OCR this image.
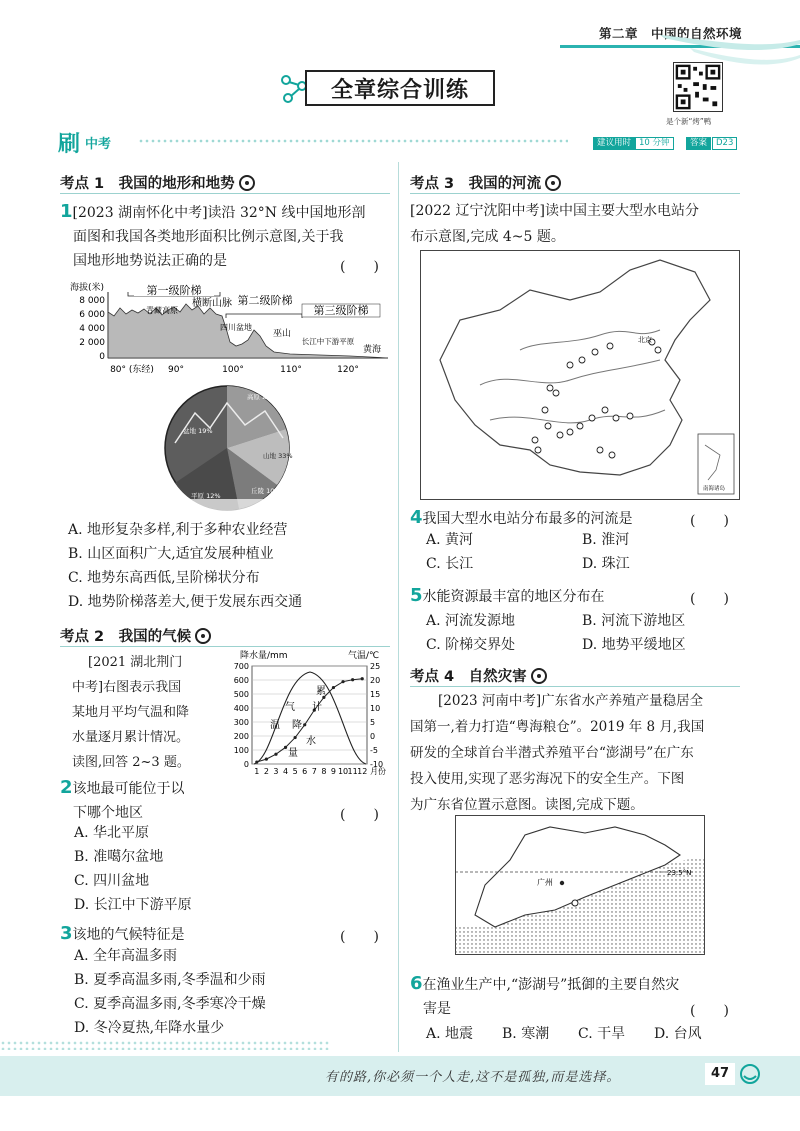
第二章　中国的自然环境
全章综合训练
是个新“烤”鸭
刷 中考	建议用时 10 分钟	答案	D23
考点 1　我国的地形和地势
1[2023 湖南怀化中考]读沿 32°N 线中国地形剖
面图和我国各类地形面积比例示意图,关于我
国地形地势说法正确的是	(　　)
海拔(米)
8 000
6 000
4 000
2 000
0
第一级阶梯
第二级阶梯
第三级阶梯
青藏高原
横断山脉
四川盆地
巫山
长江中下游平原
黄海
80° (东经) 90°	100°	110°	120°
高原 26%
山地 33%
丘陵 10%
平原 12%
盆地 19%
A. 地形复杂多样,利于多种农业经营
B. 山区面积广大,适宜发展种植业
C. 地势东高西低,呈阶梯状分布
D. 地势阶梯落差大,便于发展东西交通
考点 2　我国的气候
[2021 湖北荆门
中考]右图表示我国
某地月平均气温和降
水量逐月累计情况。
读图,回答 2~3 题。
降水量/mm	气温/℃
700
600
500
400
300
200
100
0
25
20
15
10
5
0
-5
-10
1 2 3 4 5 6 7 8 9 10 11 12 月份
气
温
累
计
降
水
量
2该地最可能位于以
下哪个地区	(　　)
A. 华北平原
B. 准噶尔盆地
C. 四川盆地
D. 长江中下游平原
3该地的气候特征是	(　　)
A. 全年高温多雨
B. 夏季高温多雨,冬季温和少雨
C. 夏季高温多雨,冬季寒冷干燥
D. 冬冷夏热,年降水量少
考点 3　我国的河流
[2022 辽宁沈阳中考]读中国主要大型水电站分
布示意图,完成 4~5 题。
北京
南海诸岛
4我国大型水电站分布最多的河流是	(　　)
A. 黄河	B. 淮河
C. 长江	D. 珠江
5水能资源最丰富的地区分布在	(　　)
A. 河流发源地	B. 河流下游地区
C. 阶梯交界处	D. 地势平缓地区
考点 4　自然灾害
[2023 河南中考]广东省水产养殖产量稳居全
国第一,着力打造“粤海粮仓”。2019 年 8 月,我国
研发的全球首台半潜式养殖平台“澎湖号”在广东
投入使用,实现了恶劣海况下的安全生产。下图
为广东省位置示意图。读图,完成下题。
23.5°N
广州
6在渔业生产中,“澎湖号”抵御的主要自然灾
害是	(　　)
A. 地震 B. 寒潮 C. 干旱 D. 台风
有的路,你必须一个人走,这不是孤独,而是选择。	47
